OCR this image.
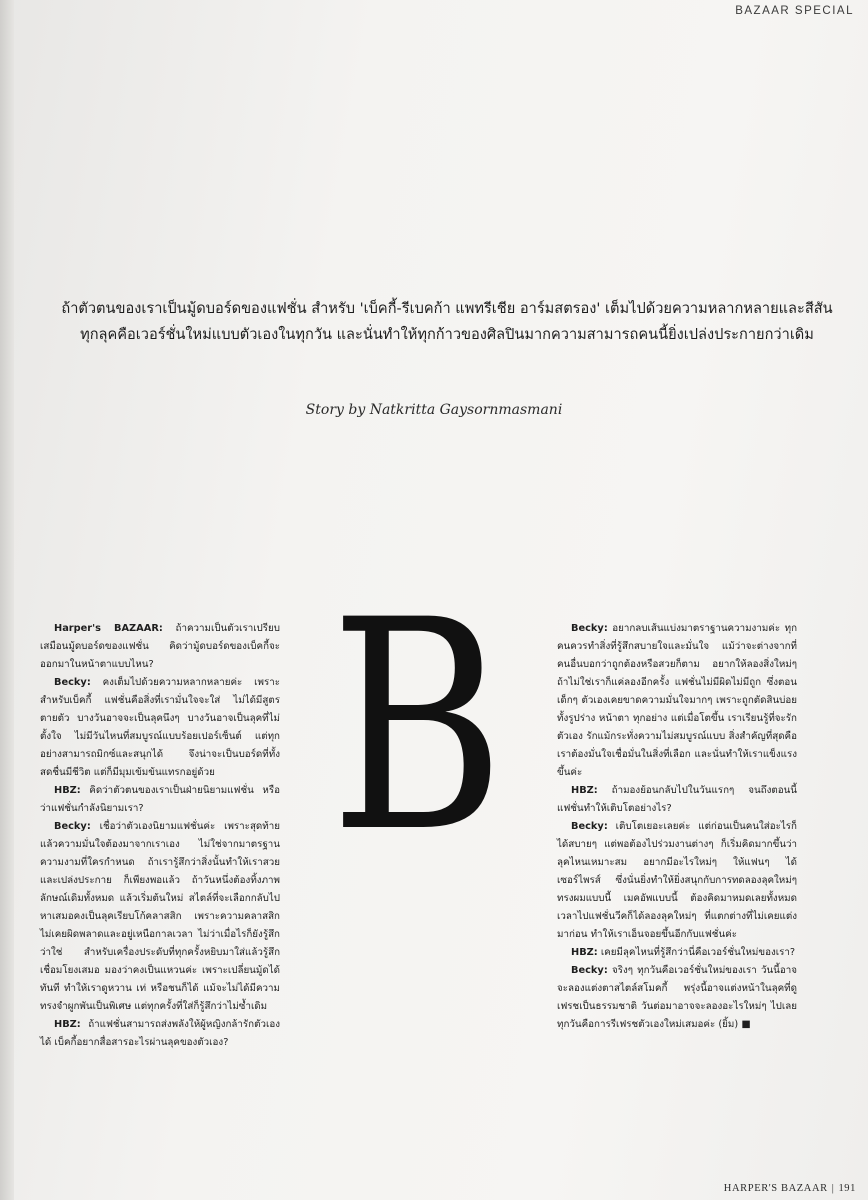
BAZAAR SPECIAL
ถ้าตัวตนของเราเป็นมู้ดบอร์ดของแฟชั่น สำหรับ 'เบ็คกี้-รีเบคก้า แพทรีเชีย อาร์มสตรอง' เต็มไปด้วยความหลากหลายและสีสัน
ทุกลุคคือเวอร์ชั่นใหม่แบบตัวเองในทุกวัน และนั่นทำให้ทุกก้าวของศิลปินมากความสามารถคนนี้ยิ่งเปล่งประกายกว่าเดิม
Story by Natkritta Gaysornmasmani

Harper's BAZAAR: ถ้าความเป็นตัวเราเปรียบเสมือนมู้ดบอร์ดของแฟชั่น คิดว่ามู้ดบอร์ดของเบ็คกี้จะออกมาในหน้าตาแบบไหน?

Becky: คงเต็มไปด้วยความหลากหลายค่ะ เพราะสำหรับเบ็คกี้ แฟชั่นคือสิ่งที่เรามั่นใจจะใส่ ไม่ได้มีสูตรตายตัว บางวันอาจจะเป็นลุคนึงๆ บางวันอาจเป็นลุคที่ไม่ตั้งใจ ไม่มีวันไหนที่สมบูรณ์แบบร้อยเปอร์เซ็นต์ แต่ทุกอย่างสามารถมิกซ์และสนุกได้ จึงน่าจะเป็นบอร์ดที่ทั้งสดชื่นมีชีวิต แต่ก็มีมุมเข้มข้นแทรกอยู่ด้วย

HBZ: คิดว่าตัวตนของเราเป็นฝ่ายนิยามแฟชั่น หรือว่าแฟชั่นกำลังนิยามเรา?

Becky: เชื่อว่าตัวเองนิยามแฟชั่นค่ะ เพราะสุดท้ายแล้วความมั่นใจต้องมาจากเราเอง ไม่ใช่จากมาตรฐานความงามที่ใครกำหนด ถ้าเรารู้สึกว่าสิ่งนั้นทำให้เราสวยและเปล่งประกาย ก็เพียงพอแล้ว ถ้าวันหนึ่งต้องทิ้งภาพลักษณ์เดิมทั้งหมด แล้วเริ่มต้นใหม่ สไตล์ที่จะเลือกกลับไปหาเสมอคงเป็นลุคเรียบโก้คลาสสิก เพราะความคลาสสิกไม่เคยผิดพลาดและอยู่เหนือกาลเวลา ไม่ว่าเมื่อไรก็ยังรู้สึกว่าใช่ สำหรับเครื่องประดับที่ทุกครั้งหยิบมาใส่แล้วรู้สึกเชื่อมโยงเสมอ มองว่าคงเป็นแหวนค่ะ เพราะเปลี่ยนมู้ดได้ทันที ทำให้เราดูหวาน เท่ หรือชนก็ได้ แม้จะไม่ได้มีความทรงจำผูกพันเป็นพิเศษ แต่ทุกครั้งที่ใส่ก็รู้สึกว่าไม่ซ้ำเดิม

HBZ: ถ้าแฟชั่นสามารถส่งพลังให้ผู้หญิงกล้ารักตัวเองได้ เบ็คกี้อยากสื่อสารอะไรผ่านลุคของตัวเอง?

B	Becky: อยากลบเส้นแบ่งมาตราฐานความงามค่ะ ทุกคนควรทำสิ่งที่รู้สึกสบายใจและมั่นใจ แม้ว่าจะต่างจากที่คนอื่นบอกว่าถูกต้องหรือสวยก็ตาม อยากให้ลองสิ่งใหม่ๆ ถ้าไม่ใช่เราก็แค่ลองอีกครั้ง แฟชั่นไม่มีผิดไม่มีถูก ซึ่งตอนเด็กๆ ตัวเองเคยขาดความมั่นใจมากๆ เพราะถูกตัดสินบ่อย ทั้งรูปร่าง หน้าตา ทุกอย่าง แต่เมื่อโตขึ้น เราเรียนรู้ที่จะรักตัวเอง รักแม้กระทั่งความไม่สมบูรณ์แบบ สิ่งสำคัญที่สุดคือ เราต้องมั่นใจเชื่อมั่นในสิ่งที่เลือก และนั่นทำให้เราแข็งแรงขึ้นค่ะ

HBZ: ถ้ามองย้อนกลับไปในวันแรกๆ จนถึงตอนนี้ แฟชั่นทำให้เติบโตอย่างไร?

Becky: เติบโตเยอะเลยค่ะ แต่ก่อนเป็นคนใส่อะไรก็ได้สบายๆ แต่พอต้องไปร่วมงานต่างๆ ก็เริ่มคิดมากขึ้นว่าลุคไหนเหมาะสม อยากมีอะไรใหม่ๆ ให้แฟนๆ ได้เซอร์ไพรส์ ซึ่งนั่นยิ่งทำให้ยิ่งสนุกกับการทดลองลุคใหม่ๆ ทรงผมแบบนี้ เมคอัพแบบนี้ ต้องคิดมาหมดเลยทั้งหมด เวลาไปแฟชั่นวีคก็ได้ลองลุคใหม่ๆ ที่แตกต่างที่ไม่เคยแต่งมาก่อน ทำให้เราเอ็นจอยขึ้นอีกกับแฟชั่นค่ะ

HBZ: เคยมีลุคไหนที่รู้สึกว่านี่คือเวอร์ชั่นใหม่ของเรา?

Becky: จริงๆ ทุกวันคือเวอร์ชั่นใหม่ของเรา วันนี้อาจจะลองแต่งตาสไตล์สโมคกี้ พรุ่งนี้อาจแต่งหน้าในลุคที่ดูเฟรชเป็นธรรมชาติ วันต่อมาอาจจะลองอะไรใหม่ๆ ไปเลย ทุกวันคือการรีเฟรชตัวเองใหม่เสมอค่ะ (ยิ้ม) ■

HARPER'S BAZAAR | 191
